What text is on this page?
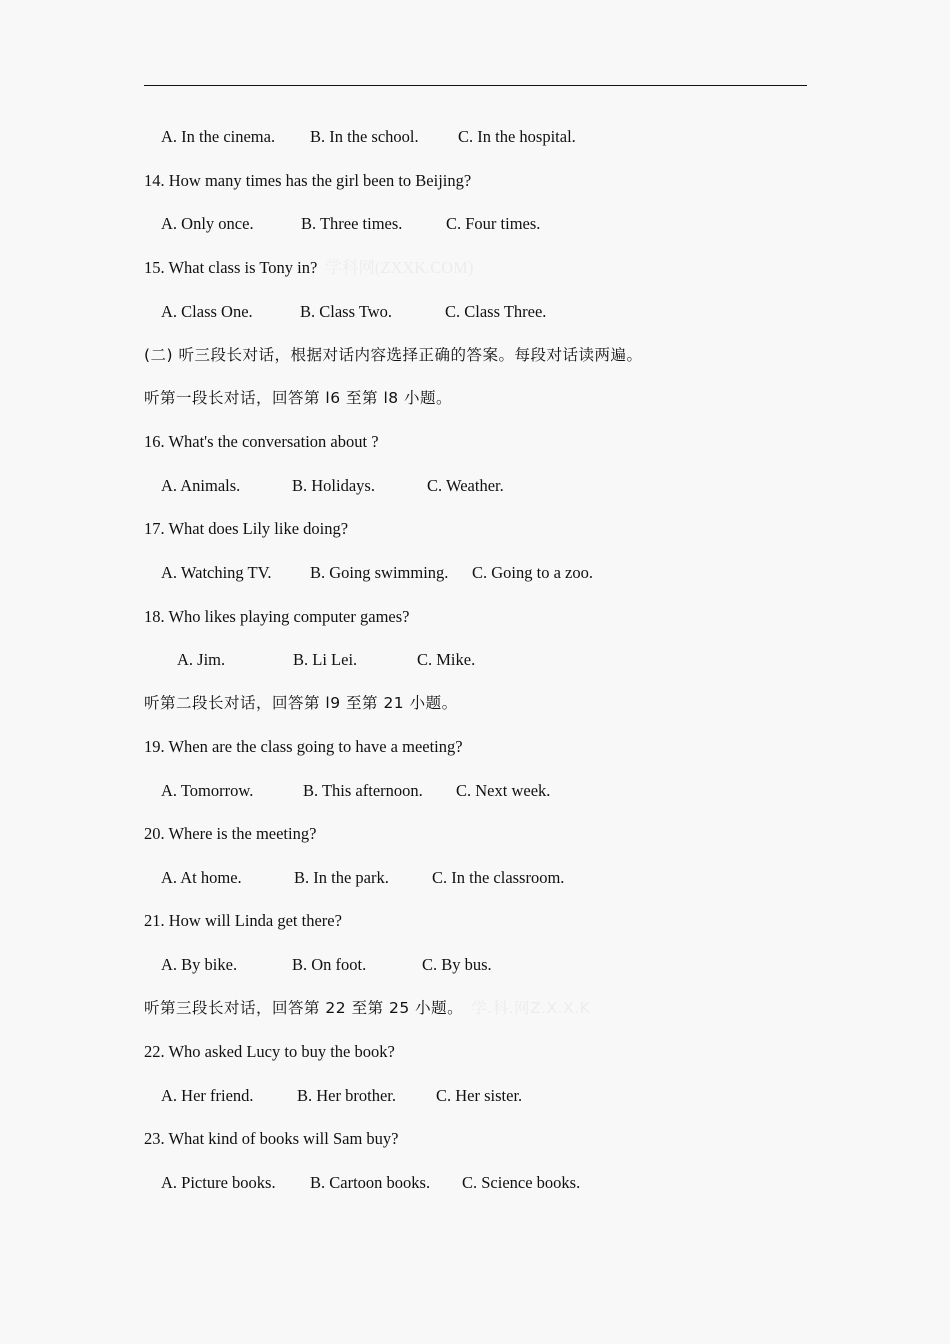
A. In the cinema. B. In the school. C. In the hospital.
14. How many times has the girl been to Beijing?
A. Only once.	B. Three times.	C. Four times.
15. What class is Tony in? 学科网(ZXXK.COM)
A. Class One.	B. Class Two.	C. Class Three.
(二) 听三段长对话，根据对话内容选择正确的答案。每段对话读两遍。
听第一段长对话，回答第 l6 至第 l8 小题。
16. What's the conversation about ?
A. Animals.	B. Holidays.	C. Weather.
17. What does Lily like doing?
A. Watching TV. B. Going swimming. C. Going to a zoo.
18. Who likes playing computer games?
A. Jim.	B. Li Lei.	C. Mike.
听第二段长对话，回答第 l9 至第 21 小题。
19. When are the class going to have a meeting?
A. Tomorrow.	B. This afternoon. C. Next week.
20. Where is the meeting?
A. At home.	B. In the park.	C. In the classroom.
21. How will Linda get there?
A. By bike.	B. On foot.	C. By bus.
听第三段长对话，回答第 22 至第 25 小题。 学.科.网Z.X.X.K
22. Who asked Lucy to buy the book?
A. Her friend.	B. Her brother. C. Her sister.
23. What kind of books will Sam buy?
A. Picture books. B. Cartoon books. C. Science books.
